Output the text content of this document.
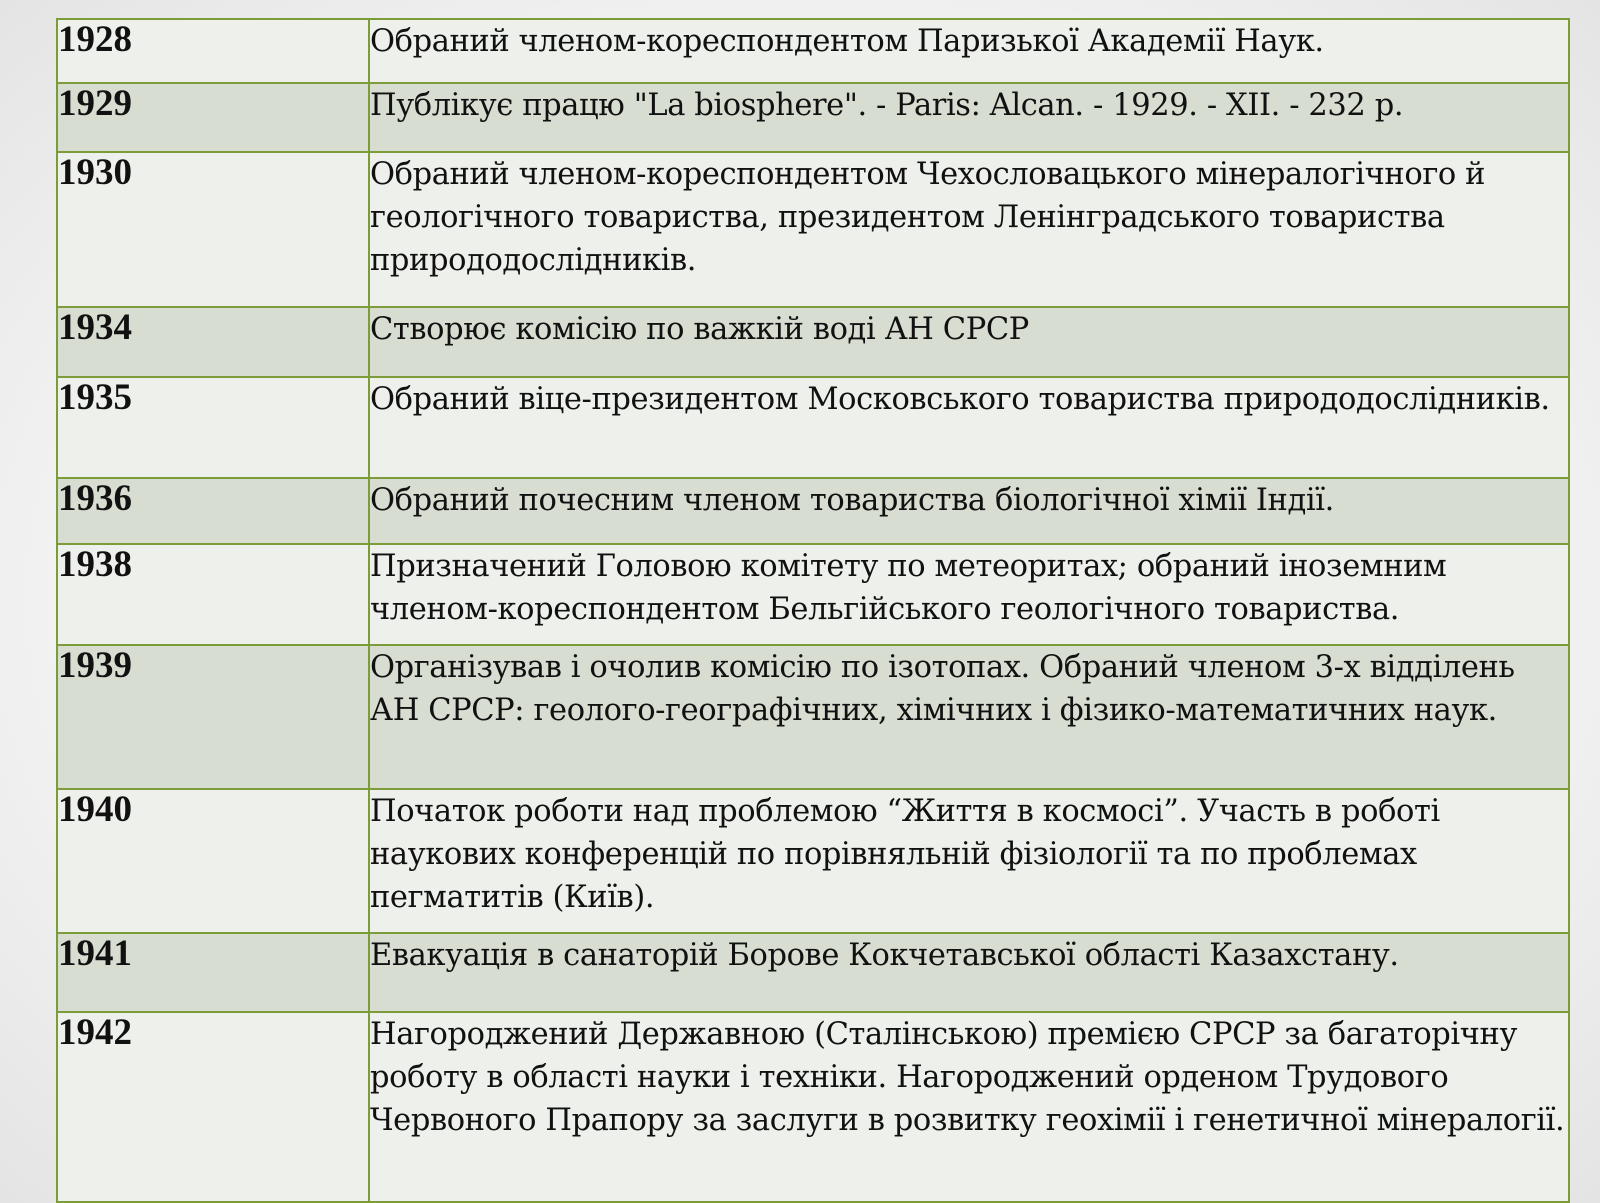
1928	Обраний членом-кореспондентом Паризької Академії Наук.
1929	Публікує працю "La biosphere". - Paris: Alcan. - 1929. - XII. - 232 p.
1930	Обраний членом-кореспондентом Чехословацького мінералогічного й геологічного товариства, президентом Ленінградського товариства природодослідників.
1934	Створює комісію по важкій воді АН СРСР
1935	Обраний віце-президентом Московського товариства природодослідників.
1936	Обраний почесним членом товариства біологічної хімії Індії.
1938	Призначений Головою комітету по метеоритах; обраний іноземним членом-кореспондентом Бельгійського геологічного товариства.
1939	Організував і очолив комісію по ізотопах. Обраний членом 3-х відділень АН СРСР: геолого-географічних, хімічних і фізико-математичних наук.
1940	Початок роботи над проблемою “Життя в космосі”. Участь в роботі наукових конференцій по порівняльній фізіології та по проблемах пегматитів (Київ).
1941	Евакуація в санаторій Борове Кокчетавської області Казахстану.
1942	Нагороджений Державною (Сталінською) премією СРСР за багаторічну роботу в області науки і техніки. Нагороджений орденом Трудового Червоного Прапору за заслуги в розвитку геохімії і генетичної мінералогії.
